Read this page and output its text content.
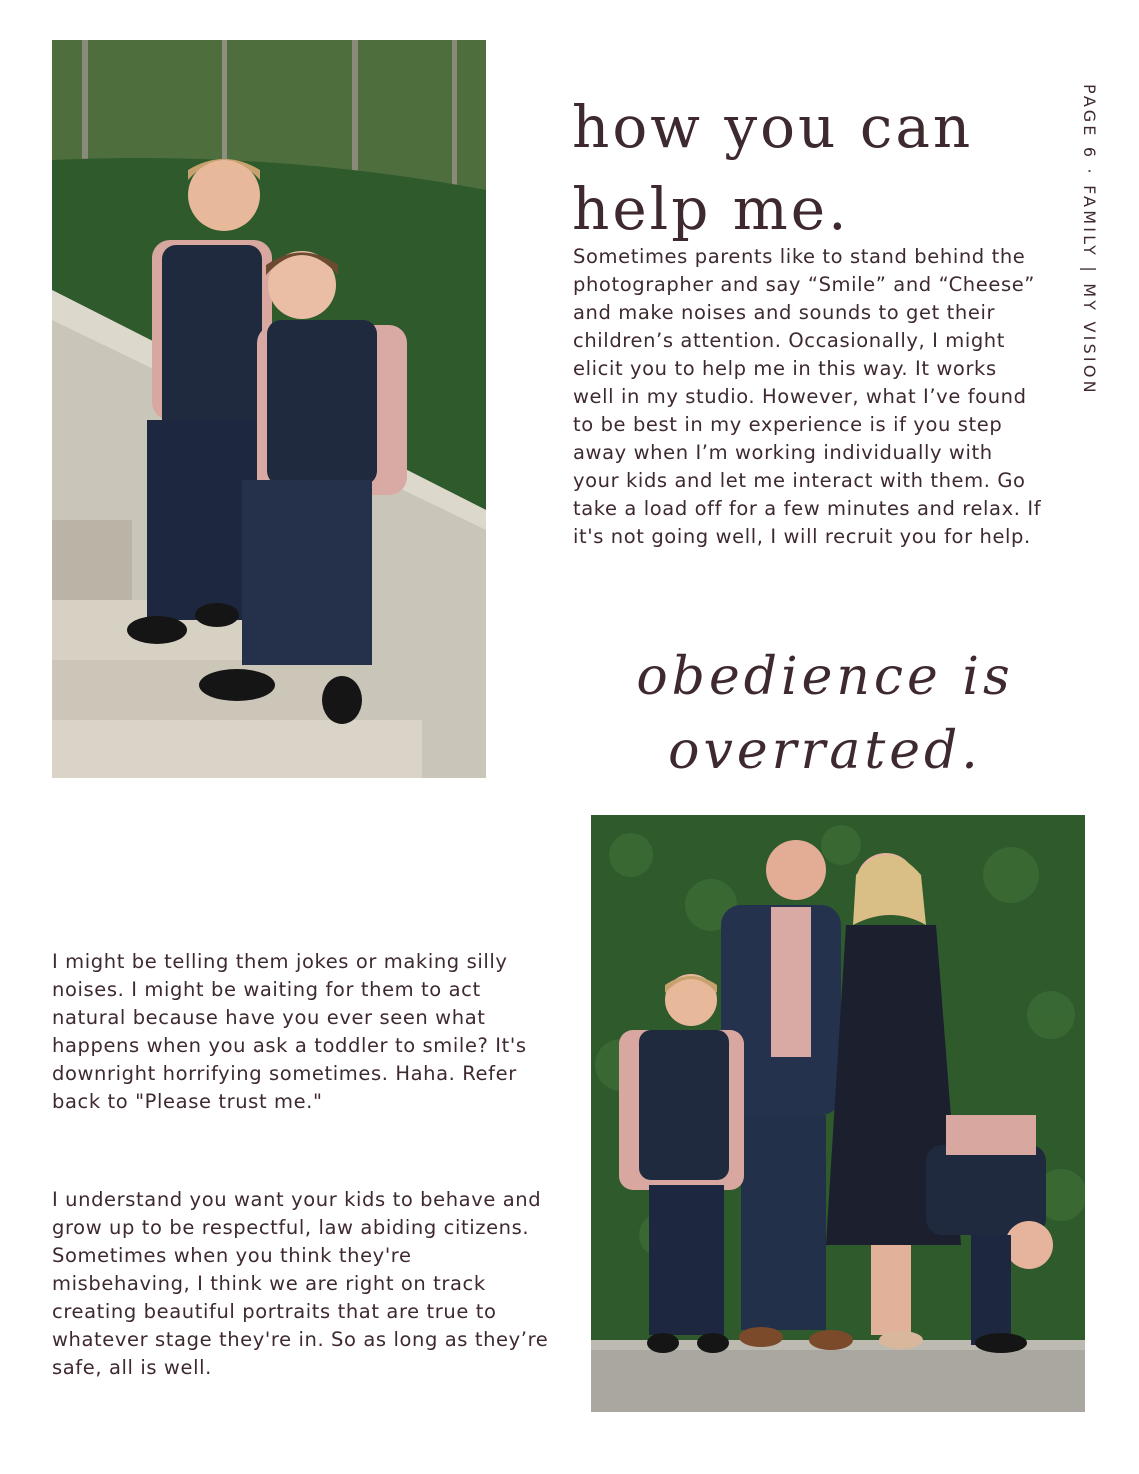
how you can help me.

Sometimes parents like to stand behind the photographer and say “Smile” and “Cheese” and make noises and sounds to get their children’s attention. Occasionally, I might elicit you to help me in this way. It works well in my studio. However, what I’ve found to be best in my experience is if you step away when I’m working individually with your kids and let me interact with them. Go take a load off for a few minutes and relax. If it's not going well, I will recruit you for help.

obedience is overrated.

PAGE 6 · FAMILY | MY VISION

I might be telling them jokes or making silly noises. I might be waiting for them to act natural because have you ever seen what happens when you ask a toddler to smile? It's downright horrifying sometimes. Haha. Refer back to "Please trust me."

I understand you want your kids to behave and grow up to be respectful, law abiding citizens. Sometimes when you think they're misbehaving, I think we are right on track creating beautiful portraits that are true to whatever stage they're in. So as long as they’re safe, all is well.
